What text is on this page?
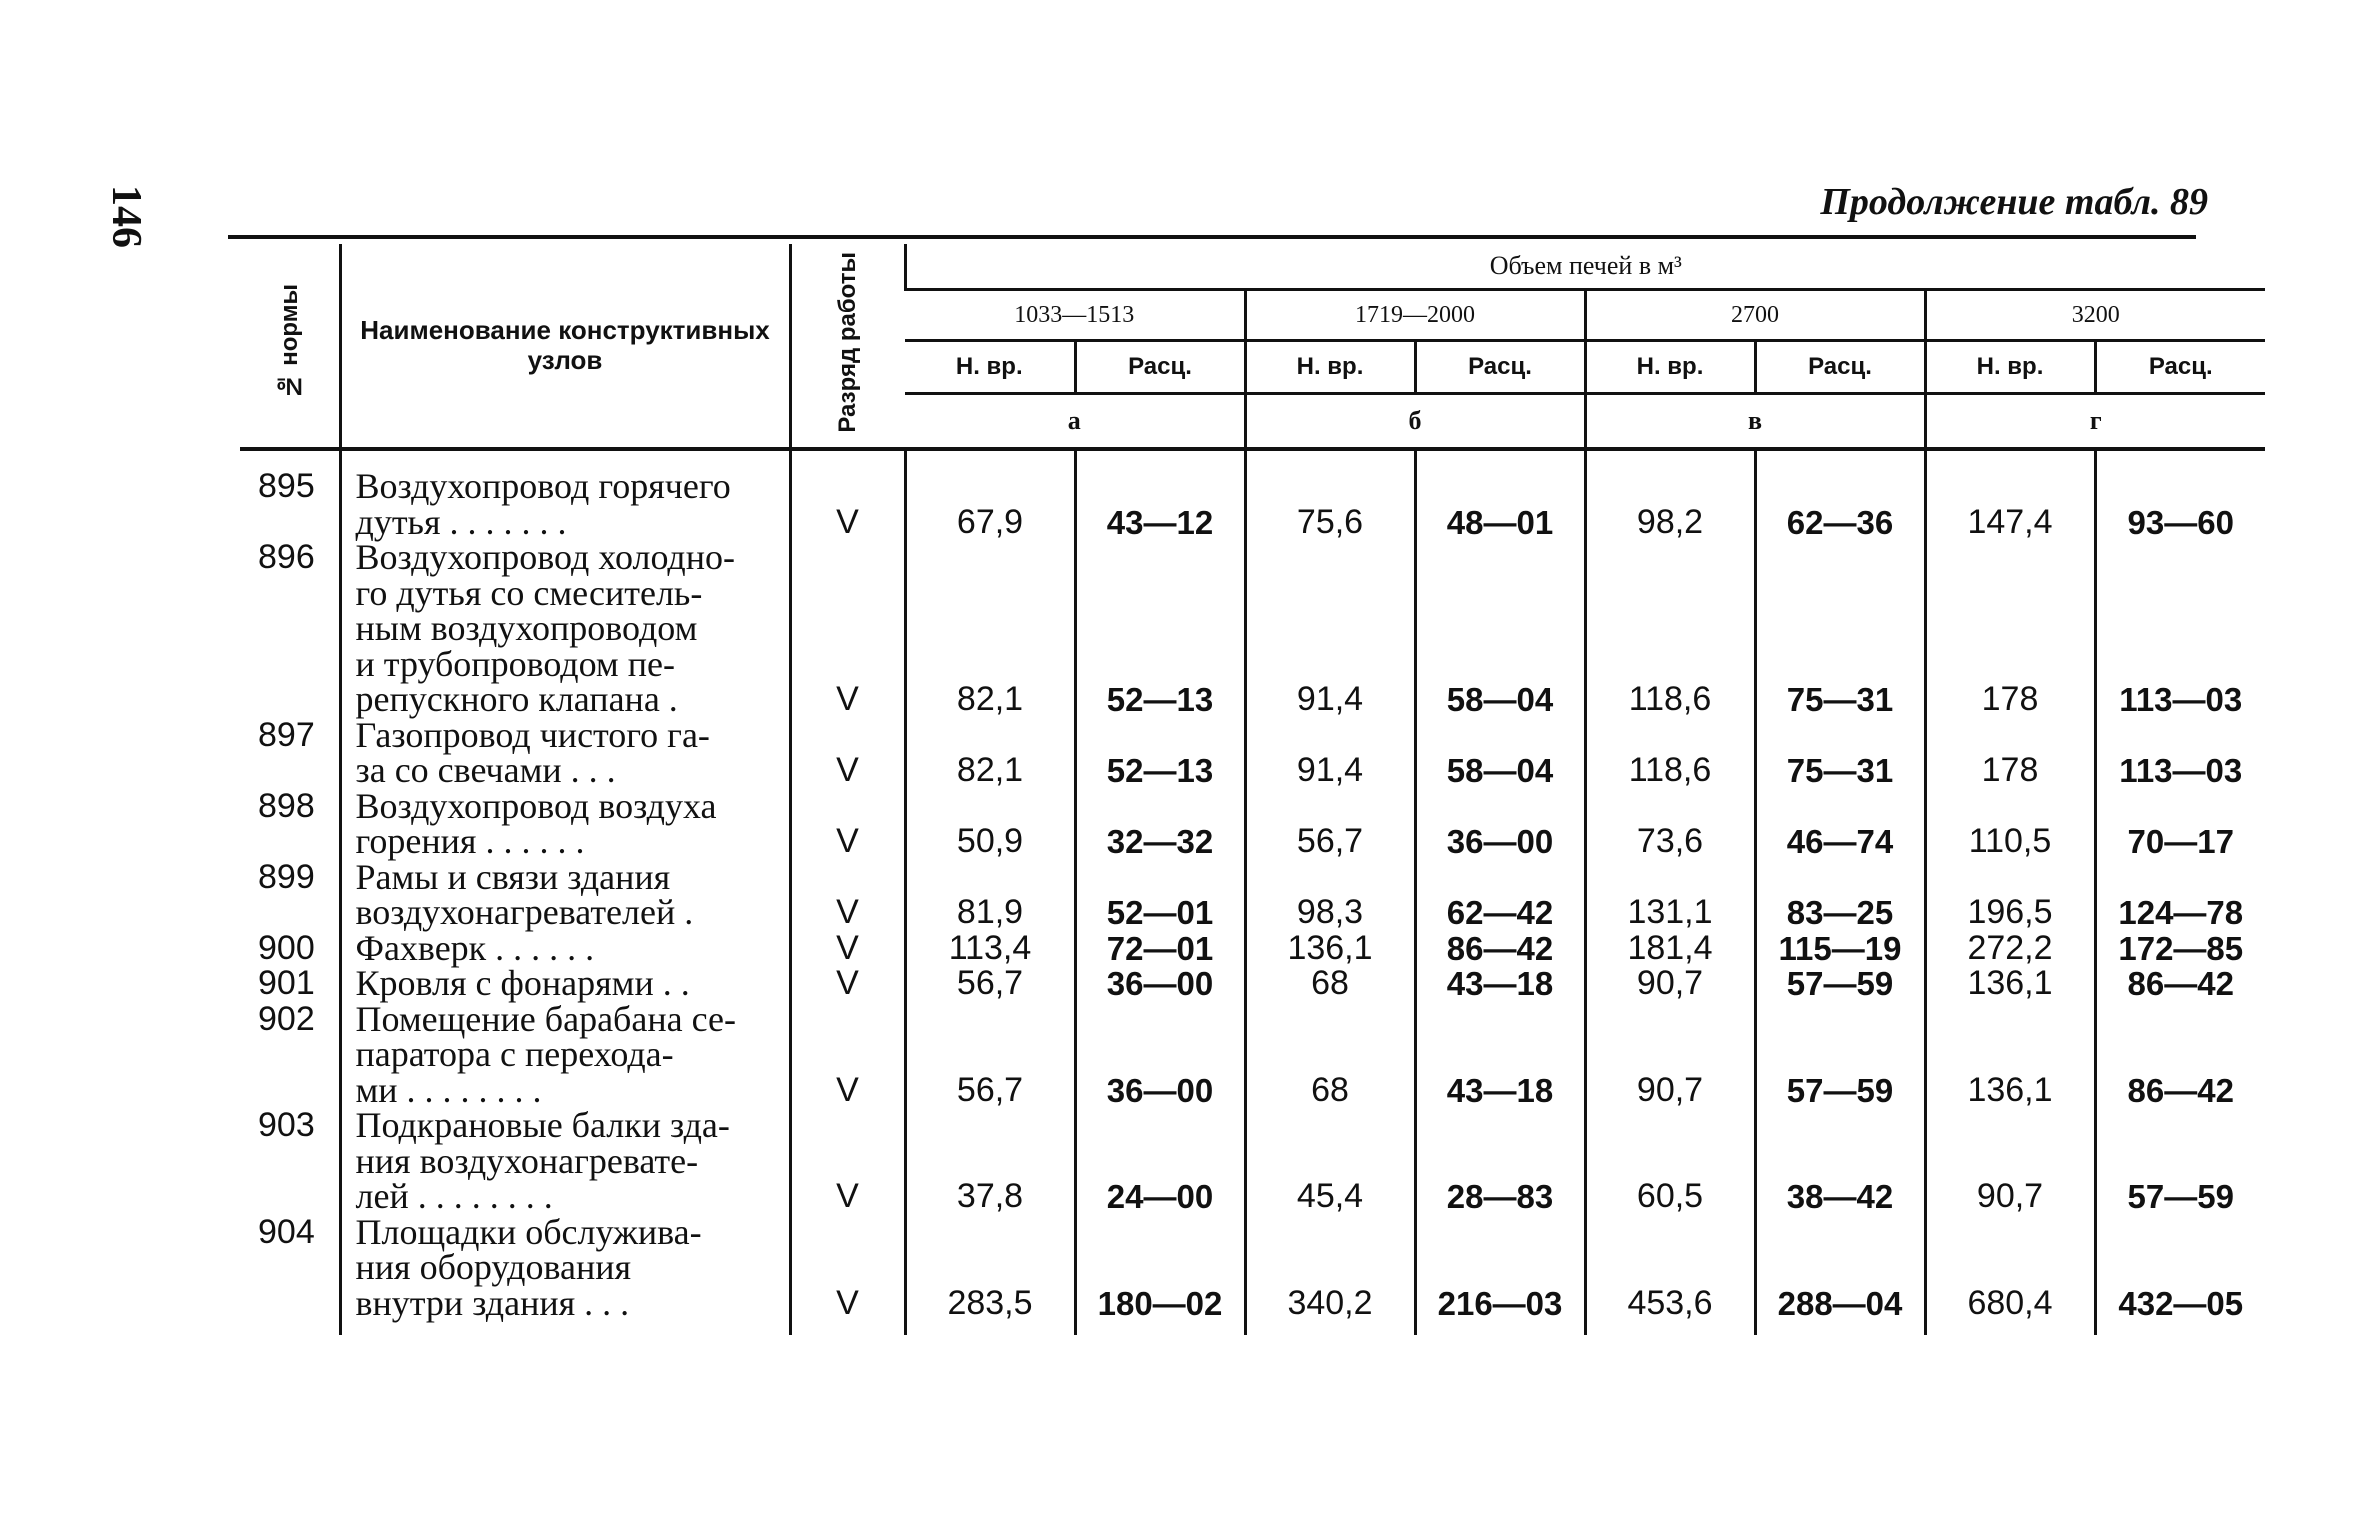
146	Продолжение табл. 89
№ нормы	Наименование конструктивных узлов	Разряд работы	Объем печей в м³							
			1033—1513		1719—2000		2700		3200	
			Н. вр.	Расц.	Н. вр.	Расц.	Н. вр.	Расц.	Н. вр.	Расц.
			а		б		в		г	
895	Воздухопровод горячего
дутья . . . . . . .	V	67,9	43—12	75,6	48—01	98,2	62—36	147,4	93—60
896	Воздухопровод холодно-
го дутья со смеситель-
ным воздухопроводом
и трубопроводом пе-
репускного клапана .	V	82,1	52—13	91,4	58—04	118,6	75—31	178	113—03
897	Газопровод чистого га-
за со свечами . . .	V	82,1	52—13	91,4	58—04	118,6	75—31	178	113—03
898	Воздухопровод воздуха
горения . . . . . .	V	50,9	32—32	56,7	36—00	73,6	46—74	110,5	70—17
899	Рамы и связи здания
воздухонагревателей .	V	81,9	52—01	98,3	62—42	131,1	83—25	196,5	124—78
900	Фахверк . . . . . .	V	113,4	72—01	136,1	86—42	181,4	115—19	272,2	172—85
901	Кровля с фонарями . .	V	56,7	36—00	68	43—18	90,7	57—59	136,1	86—42
902	Помещение барабана се-
паратора с перехода-
ми . . . . . . . .	V	56,7	36—00	68	43—18	90,7	57—59	136,1	86—42
903	Подкрановые балки зда-
ния воздухонагревате-
лей . . . . . . . .	V	37,8	24—00	45,4	28—83	60,5	38—42	90,7	57—59
904	Площадки обслужива-
ния оборудования
внутри здания . . .	V	283,5	180—02	340,2	216—03	453,6	288—04	680,4	432—05
